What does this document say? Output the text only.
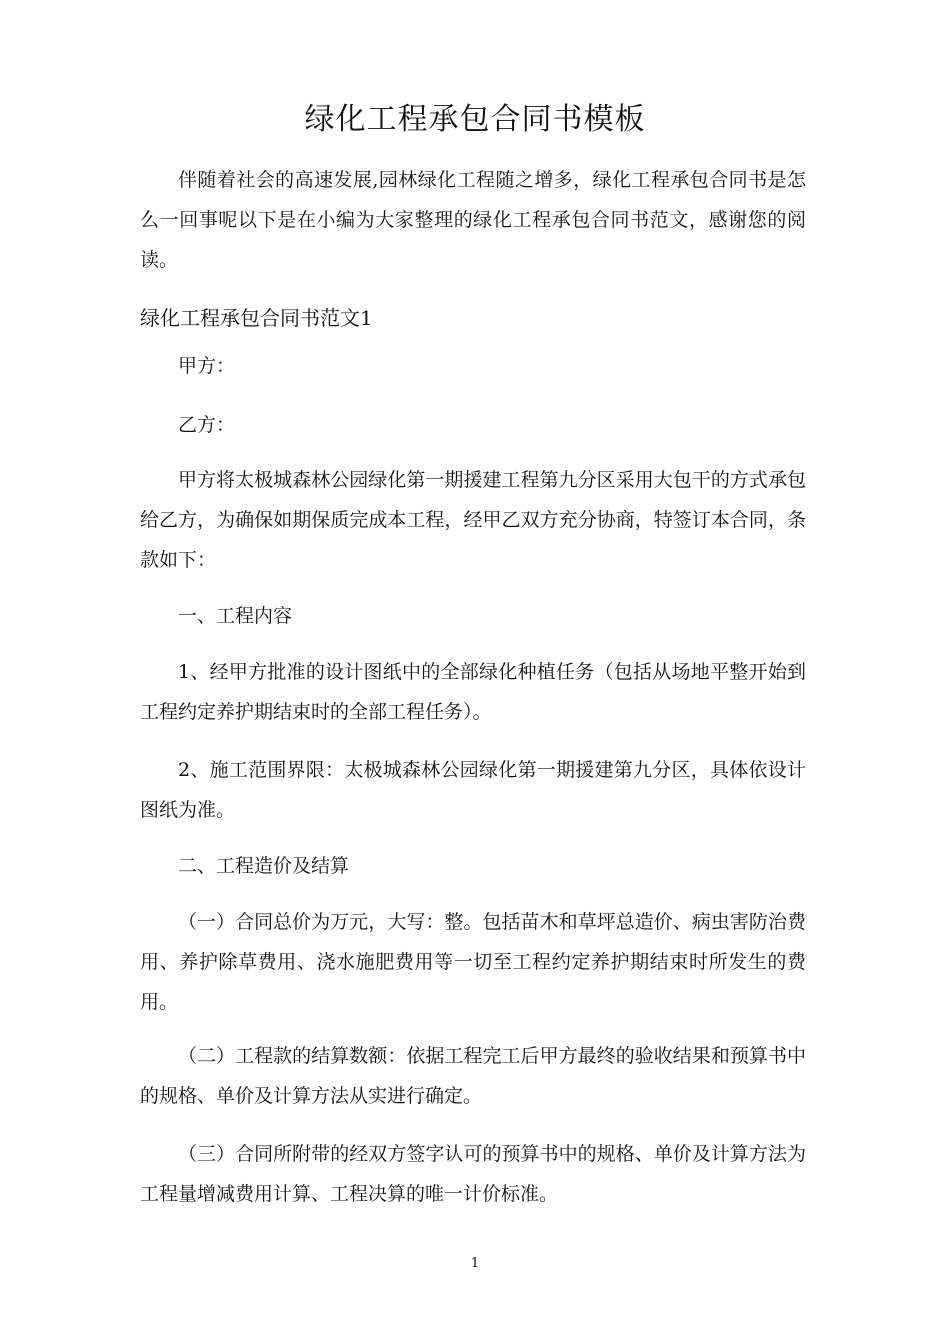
绿化工程承包合同书模板

伴随着社会的高速发展,园林绿化工程随之增多，绿化工程承包合同书是怎么一回事呢以下是在小编为大家整理的绿化工程承包合同书范文，感谢您的阅读。

绿化工程承包合同书范文1

甲方：

乙方：

甲方将太极城森林公园绿化第一期援建工程第九分区采用大包干的方式承包给乙方，为确保如期保质完成本工程，经甲乙双方充分协商，特签订本合同，条款如下：

一、工程内容

1、经甲方批准的设计图纸中的全部绿化种植任务（包括从场地平整开始到工程约定养护期结束时的全部工程任务）。

2、施工范围界限：太极城森林公园绿化第一期援建第九分区，具体依设计图纸为准。

二、工程造价及结算

（一）合同总价为万元，大写：整。包括苗木和草坪总造价、病虫害防治费用、养护除草费用、浇水施肥费用等一切至工程约定养护期结束时所发生的费用。

（二）工程款的结算数额：依据工程完工后甲方最终的验收结果和预算书中的规格、单价及计算方法从实进行确定。

（三）合同所附带的经双方签字认可的预算书中的规格、单价及计算方法为工程量增减费用计算、工程决算的唯一计价标准。

1
